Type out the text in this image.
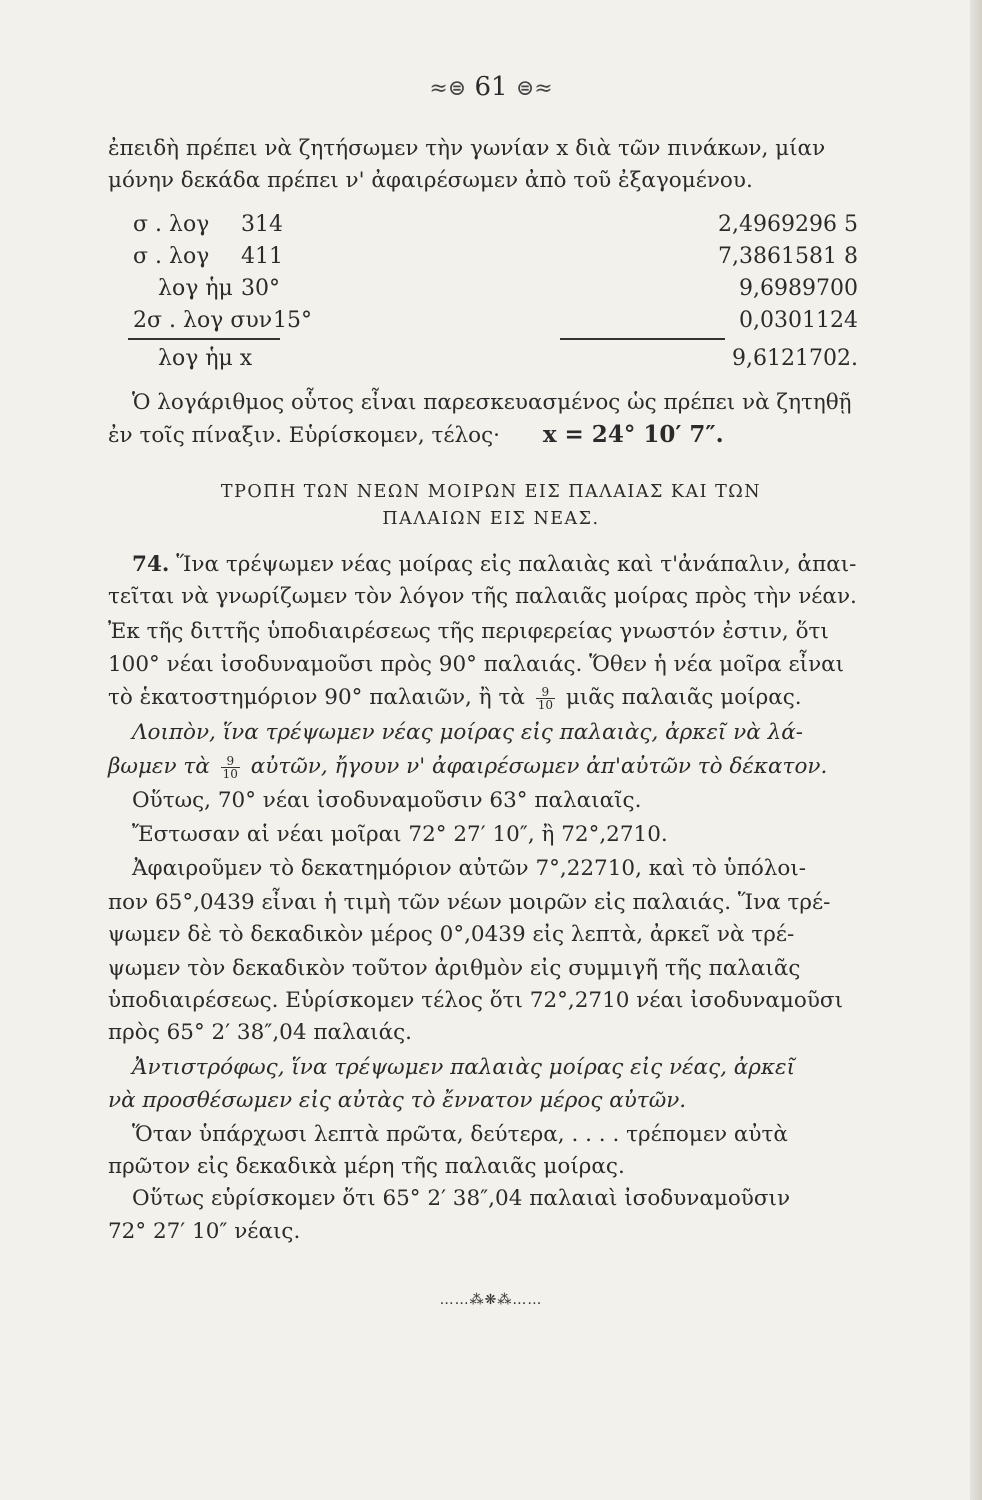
≈⊜ 61 ⊜≈
ἐπειδὴ πρέπει νὰ ζητήσωμεν τὴν γωνίαν x διὰ τῶν πινάκων, μίαν
μόνην δεκάδα πρέπει ν' ἀφαιρέσωμεν ἀπὸ τοῦ ἐξαγομένου.
σ . λογ 314	2,4969296 5
σ . λογ 411	7,3861581 8
λογ ἡμ 30°	9,6989700
2σ . λογ συν 15°	0,0301124
λογ ἡμ x	9,6121702.
Ὁ λογάριθμος οὗτος εἶναι παρεσκευασμένος ὡς πρέπει νὰ ζητηθῇ
ἐν τοῖς πίναξιν. Εὑρίσκομεν, τέλος· x = 24° 10′ 7″.
ΤΡΟΠΗ ΤΩΝ ΝΕΩΝ ΜΟΙΡΩΝ ΕΙΣ ΠΑΛΑΙΑΣ ΚΑΙ ΤΩΝ
ΠΑΛΑΙΩΝ ΕΙΣ ΝΕΑΣ.
74. Ἵνα τρέψωμεν νέας μοίρας εἰς παλαιὰς καὶ τ'ἀνάπαλιν, ἀπαι-
τεῖται νὰ γνωρίζωμεν τὸν λόγον τῆς παλαιᾶς μοίρας πρὸς τὴν νέαν.
Ἐκ τῆς διττῆς ὑποδιαιρέσεως τῆς περιφερείας γνωστόν ἐστιν, ὅτι
100° νέαι ἰσοδυναμοῦσι πρὸς 90° παλαιάς. Ὅθεν ἡ νέα μοῖρα εἶναι
τὸ ἑκατοστημόριον 90° παλαιῶν, ἢ τὰ $\frac{9}{10}$ μιᾶς παλαιᾶς μοίρας.
Λοιπὸν, ἵνα τρέψωμεν νέας μοίρας εἰς παλαιὰς, ἀρκεῖ νὰ λά-
βωμεν τὰ $\frac{9}{10}$ αὐτῶν, ἤγουν ν' ἀφαιρέσωμεν ἀπ'αὐτῶν τὸ δέκατον.
Οὕτως, 70° νέαι ἰσοδυναμοῦσιν 63° παλαιαῖς.
Ἔστωσαν αἱ νέαι μοῖραι 72° 27′ 10″, ἢ 72°,2710.
Ἀφαιροῦμεν τὸ δεκατημόριον αὐτῶν 7°,22710, καὶ τὸ ὑπόλοι-
πον 65°,0439 εἶναι ἡ τιμὴ τῶν νέων μοιρῶν εἰς παλαιάς. Ἵνα τρέ-
ψωμεν δὲ τὸ δεκαδικὸν μέρος 0°,0439 εἰς λεπτὰ, ἀρκεῖ νὰ τρέ-
ψωμεν τὸν δεκαδικὸν τοῦτον ἀριθμὸν εἰς συμμιγῆ τῆς παλαιᾶς
ὑποδιαιρέσεως. Εὑρίσκομεν τέλος ὅτι 72°,2710 νέαι ἰσοδυναμοῦσι
πρὸς 65° 2′ 38″,04 παλαιάς.
Ἀντιστρόφως, ἵνα τρέψωμεν παλαιὰς μοίρας εἰς νέας, ἀρκεῖ
νὰ προσθέσωμεν εἰς αὐτὰς τὸ ἔννατον μέρος αὐτῶν.
Ὅταν ὑπάρχωσι λεπτὰ πρῶτα, δεύτερα, . . . . τρέπομεν αὐτὰ
πρῶτον εἰς δεκαδικὰ μέρη τῆς παλαιᾶς μοίρας.
Οὕτως εὑρίσκομεν ὅτι 65° 2′ 38″,04 παλαιαὶ ἰσοδυναμοῦσιν
72° 27′ 10″ νέαις.
……⁂❋⁂……
